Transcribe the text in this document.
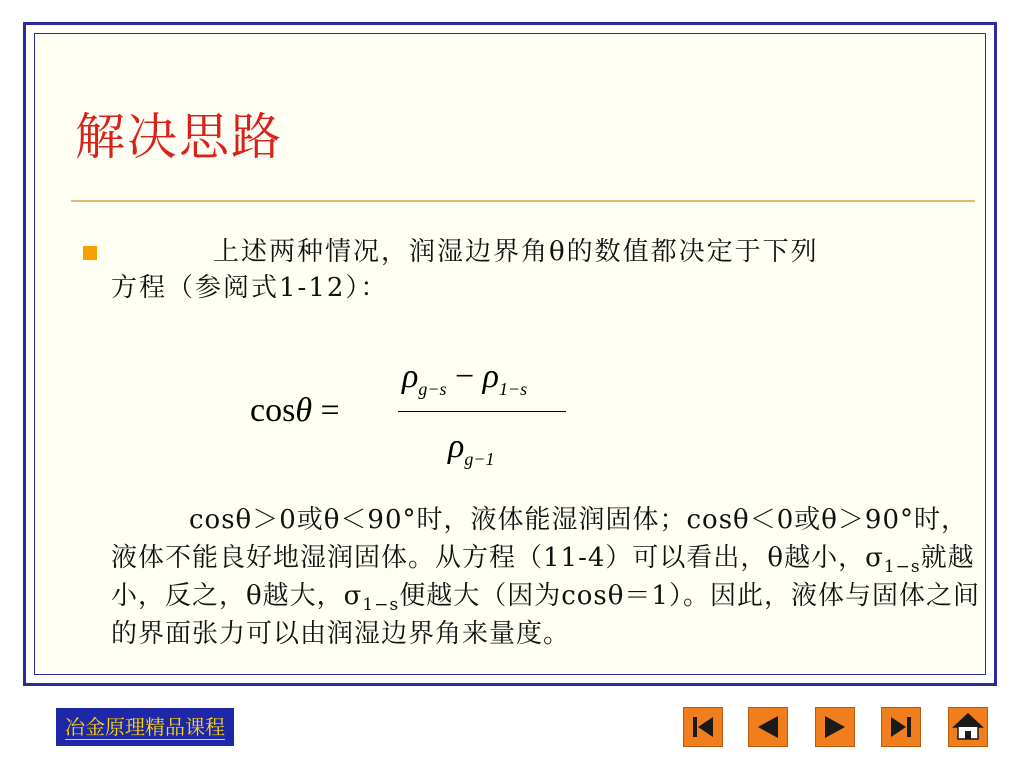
解决思路
上述两种情况，润湿边界角θ的数值都决定于下列
方程（参阅式1-12）：
cosθ =
$\rho_{g-s} - \rho_{1-s}$
$\rho_{g-1}$
cosθ＞0或θ＜90°时，液体能湿润固体；cosθ＜0或θ＞90°时，液体不能良好地湿润固体。从方程（11-4）可以看出，θ越小，$\sigma_{1-s}$就越小，反之，θ越大，$\sigma_{1-s}$便越大（因为cosθ＝1）。因此，液体与固体之间的界面张力可以由润湿边界角来量度。
冶金原理精品课程
